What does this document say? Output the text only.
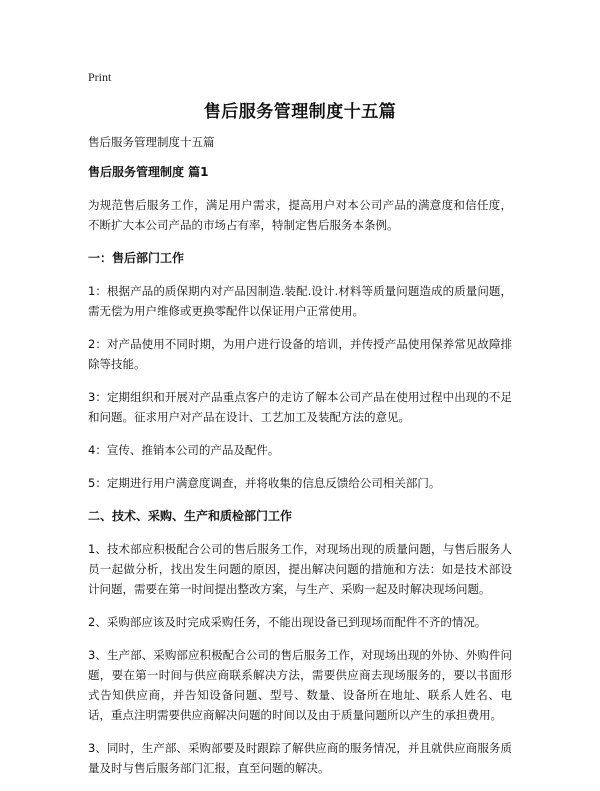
Print
售后服务管理制度十五篇

售后服务管理制度十五篇

售后服务管理制度 篇1

为规范售后服务工作，满足用户需求，提高用户对本公司产品的满意度和信任度，不断扩大本公司产品的市场占有率，特制定售后服务本条例。

一：售后部门工作

1：根据产品的质保期内对产品因制造.装配.设计.材料等质量问题造成的质量问题，需无偿为用户维修或更换零配件以保证用户正常使用。

2：对产品使用不同时期，为用户进行设备的培训，并传授产品使用保养常见故障排除等技能。

3：定期组织和开展对产品重点客户的走访了解本公司产品在使用过程中出现的不足和问题。征求用户对产品在设计、工艺加工及装配方法的意见。

4：宣传、推销本公司的产品及配件。

5：定期进行用户满意度调查，并将收集的信息反馈给公司相关部门。

二、技术、采购、生产和质检部门工作

1、技术部应积极配合公司的售后服务工作，对现场出现的质量问题，与售后服务人员一起做分析，找出发生问题的原因，提出解决问题的措施和方法：如是技术部设计问题，需要在第一时间提出整改方案，与生产、采购一起及时解决现场问题。

2、采购部应该及时完成采购任务，不能出现设备已到现场而配件不齐的情况。

3、生产部、采购部应积极配合公司的售后服务工作，对现场出现的外协、外购件问题，要在第一时间与供应商联系解决方法，需要供应商去现场服务的，要以书面形式告知供应商，并告知设备问题、型号、数量、设备所在地址、联系人姓名、电话，重点注明需要供应商解决问题的时间以及由于质量问题所以产生的承担费用。

3、同时，生产部、采购部要及时跟踪了解供应商的服务情况，并且就供应商服务质量及时与售后服务部门汇报，直至问题的解决。
